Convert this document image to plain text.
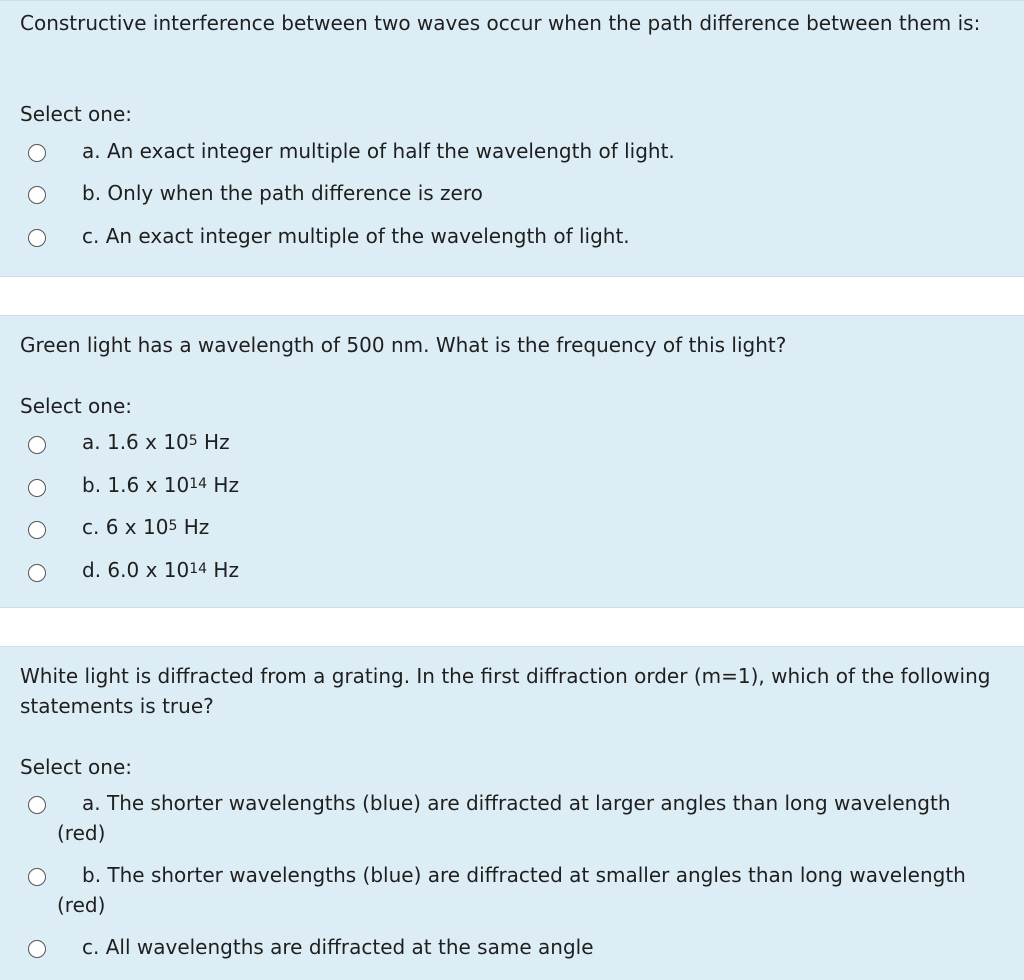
Constructive interference between two waves occur when the path difference between them is:

Select one:
a. An exact integer multiple of half the wavelength of light.
b. Only when the path difference is zero
c. An exact integer multiple of the wavelength of light.

Green light has a wavelength of 500 nm. What is the frequency of this light?

Select one:
a. 1.6 x $10^5$ Hz
b. 1.6 x $10^{14}$ Hz
c. 6 x $10^5$ Hz
d. 6.0 x $10^{14}$ Hz

White light is diffracted from a grating. In the first diffraction order (m=1), which of the following statements is true?

Select one:
a. The shorter wavelengths (blue) are diffracted at larger angles than long wavelength (red)
b. The shorter wavelengths (blue) are diffracted at smaller angles than long wavelength (red)
c. All wavelengths are diffracted at the same angle
